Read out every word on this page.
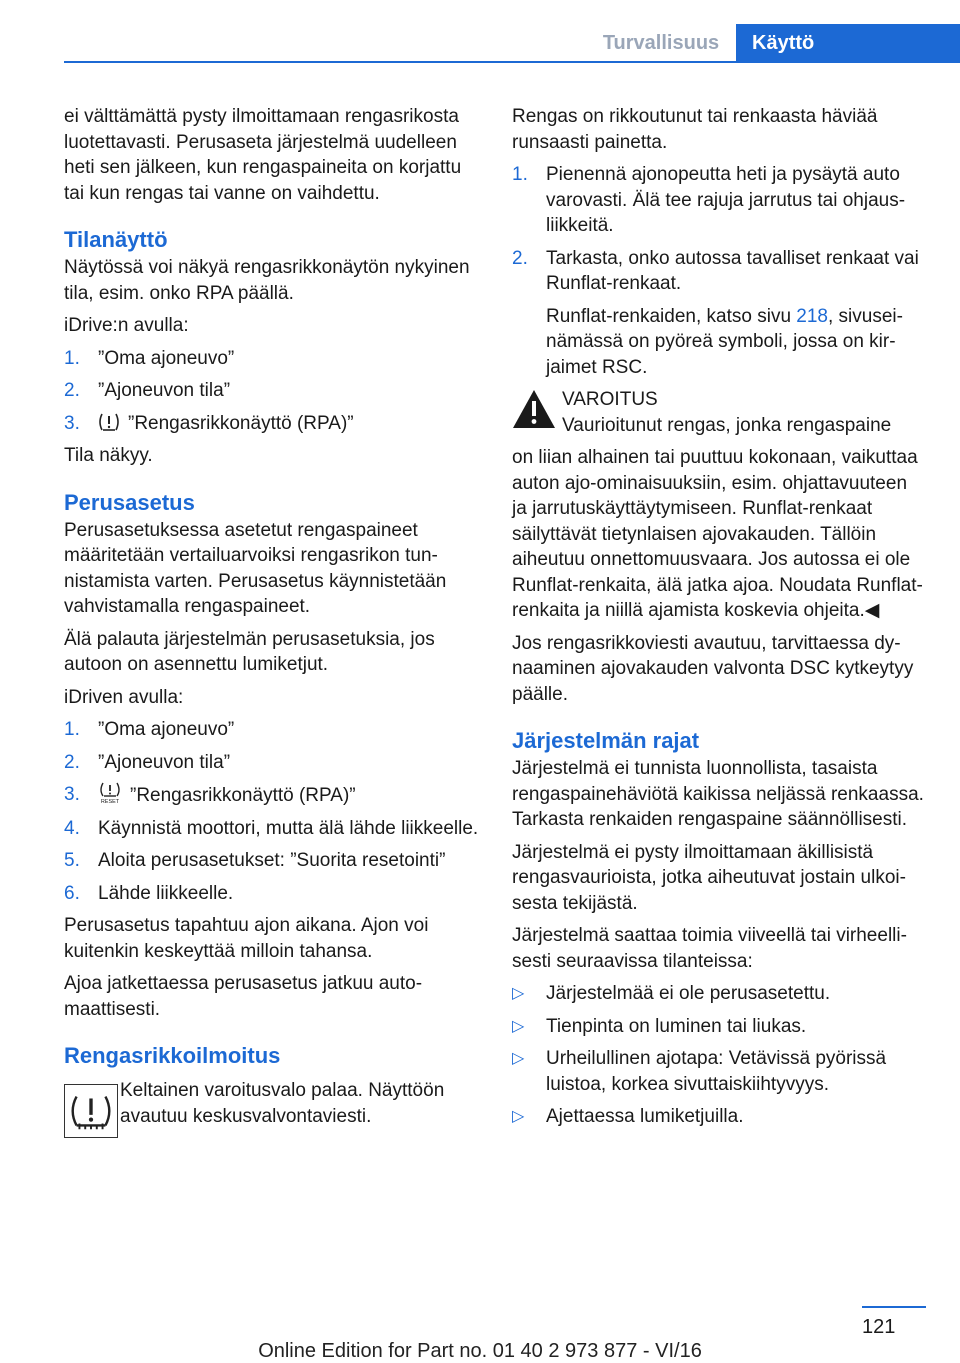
Turvallisuus	Käyttö

ei välttämättä pysty ilmoittamaan rengasrikosta luotettavasti. Perusaseta järjestelmä uudelleen heti sen jälkeen, kun rengaspaineita on korjattu tai kun rengas tai vanne on vaihdettu.

Tilanäyttö

Näytössä voi näkyä rengasrikkonäytön nykyinen tila, esim. onko RPA päällä.

iDrive:n avulla:

1. ”Oma ajoneuvo”
2. ”Ajoneuvon tila”
3.	”Rengasrikkonäyttö (RPA)”

Tila näkyy.

Perusasetus

Perusasetuksessa asetetut rengaspaineet määritetään vertailuarvoiksi rengasrikon tunnistamista varten. Perusasetus käynnistetään vahvistamalla rengaspaineet.

Älä palauta järjestelmän perusasetuksia, jos autoon on asennettu lumiketjut.

iDriven avulla:

1. ”Oma ajoneuvo”
2. ”Ajoneuvon tila”
3.	RESET ”Rengasrikkonäyttö (RPA)”
4. Käynnistä moottori, mutta älä lähde liikkeelle.
5. Aloita perusasetukset: ”Suorita resetointi”
6. Lähde liikkeelle.

Perusasetus tapahtuu ajon aikana. Ajon voi kuitenkin keskeyttää milloin tahansa.

Ajoa jatkettaessa perusasetus jatkuu automaattisesti.

Rengasrikkoilmoitus

Keltainen varoitusvalo palaa. Näyttöön avautuu keskusvalvontaviesti.

Rengas on rikkoutunut tai renkaasta häviää runsaasti painetta.

1. Pienennä ajonopeutta heti ja pysäytä auto varovasti. Älä tee rajuja jarrutus tai ohjausliikkeitä.
2. Tarkasta, onko autossa tavalliset renkaat vai Runflat-renkaat.

Runflat-renkaiden, katso sivu 218, sivuseinämässä on pyöreä symboli, jossa on kirjaimet RSC.

VAROITUS
Vaurioitunut rengas, jonka rengaspaine

on liian alhainen tai puuttuu kokonaan, vaikuttaa auton ajo-ominaisuuksiin, esim. ohjattavuuteen ja jarrutuskäyttäytymiseen. Runflat-renkaat säilyttävät tietynlaisen ajovakauden. Tällöin aiheutuu onnettomuusvaara. Jos autossa ei ole Runflat-renkaita, älä jatka ajoa. Noudata Runflat-renkaita ja niillä ajamista koskevia ohjeita.◀

Jos rengasrikkoviesti avautuu, tarvittaessa dynaaminen ajovakauden valvonta DSC kytkeytyy päälle.

Järjestelmän rajat

Järjestelmä ei tunnista luonnollista, tasaista rengaspainehäviötä kaikissa neljässä renkaassa. Tarkasta renkaiden rengaspaine säännöllisesti.

Järjestelmä ei pysty ilmoittamaan äkillisistä rengasvaurioista, jotka aiheutuvat jostain ulkoisesta tekijästä.

Järjestelmä saattaa toimia viiveellä tai virheellisesti seuraavissa tilanteissa:

▷ Järjestelmää ei ole perusasetettu.
▷ Tienpinta on luminen tai liukas.
▷ Urheilullinen ajotapa: Vetävissä pyörissä luistoa, korkea sivuttaiskiihtyvyys.
▷ Ajettaessa lumiketjuilla.
121
Online Edition for Part no. 01 40 2 973 877 - VI/16
